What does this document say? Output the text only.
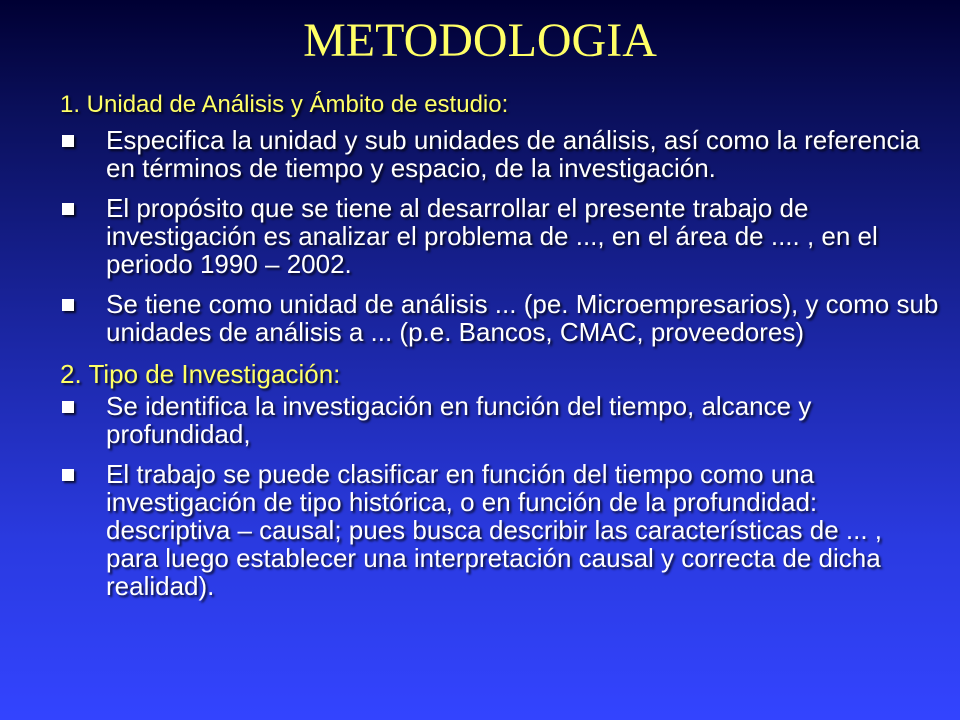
METODOLOGIA
1. Unidad de Análisis y Ámbito de estudio:
Especifica la unidad y sub unidades de análisis, así como la referencia en términos de tiempo y espacio, de la investigación.
El propósito que se tiene al desarrollar el presente trabajo de investigación es analizar el problema de ..., en el área de .... , en el periodo 1990 – 2002.
Se tiene como unidad de análisis ... (pe. Microempresarios), y como sub unidades de análisis a ... (p.e. Bancos, CMAC, proveedores)
2. Tipo de Investigación:
Se identifica la investigación en función del tiempo, alcance y profundidad,
El trabajo se puede clasificar en función del tiempo como una investigación de tipo histórica, o en función de la profundidad: descriptiva – causal; pues busca describir las características de ... , para luego establecer una interpretación causal y correcta de dicha realidad).
